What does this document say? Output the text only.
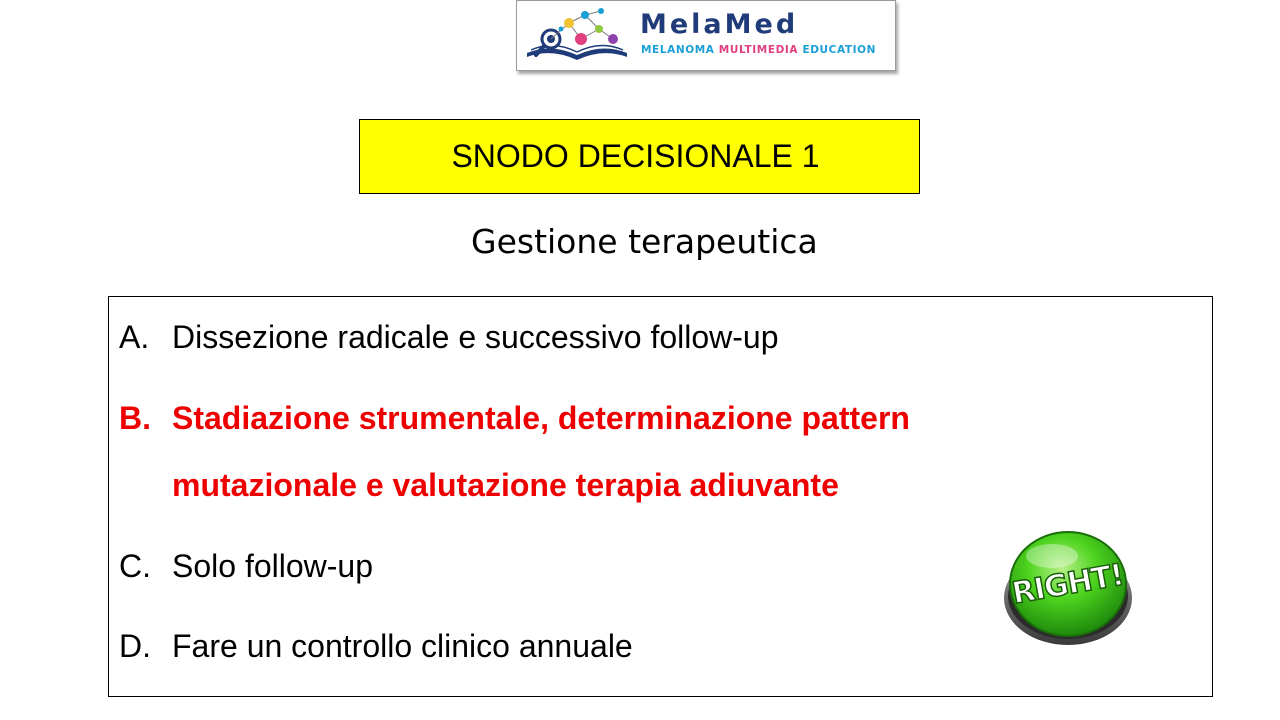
MelaMed
MELANOMA MULTIMEDIA EDUCATION
SNODO DECISIONALE 1
Gestione terapeutica
A. Dissezione radicale e successivo follow-up
B. Stadiazione strumentale, determinazione pattern
mutazionale e valutazione terapia adiuvante
C. Solo follow-up
D. Fare un controllo clinico annuale
RIGHT!
